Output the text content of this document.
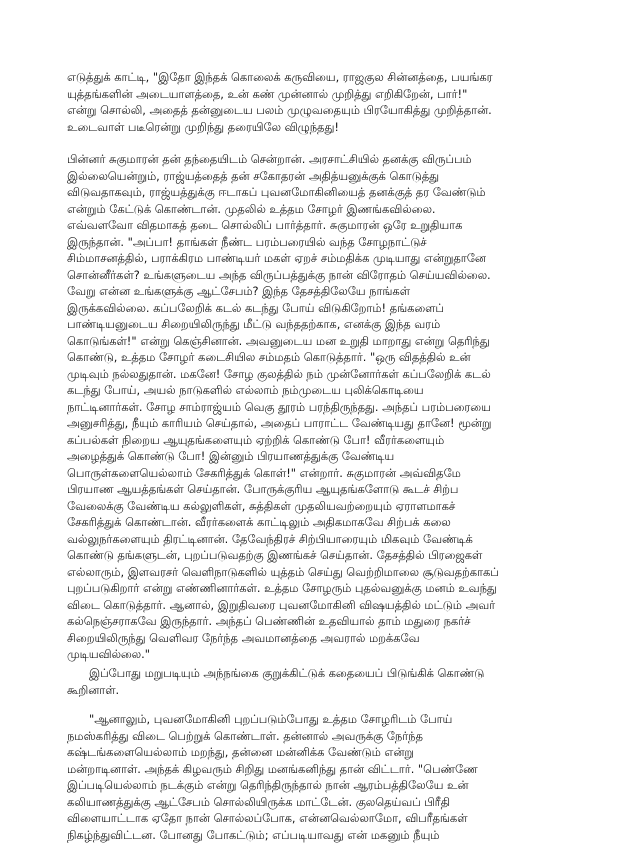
எடுத்துக் காட்டி, "இதோ இந்தக் கொலைக் கருவியை, ராஜகுல சின்னத்தை, பயங்கர
யுத்தங்களின் அடையாளத்தை, உன் கண் முன்னால் முறித்து எறிகிறேன், பார்!"
என்று சொல்லி, அதைத் தன்னுடைய பலம் முழுவதையும் பிரயோகித்து முறித்தான்.
உடைவாள் படீரென்று முறிந்து தரையிலே விழுந்தது!
பின்னர் சுகுமாரன் தன் தந்தையிடம் சென்றான். அரசாட்சியில் தனக்கு விருப்பம்
இல்லையென்றும், ராஜ்யத்தைத் தன் சகோதரன் அதித்யனுக்குக் கொடுத்து
விடுவதாகவும், ராஜ்யத்துக்கு ஈடாகப் புவனமோகினியைத் தனக்குத் தர வேண்டும்
என்றும் கேட்டுக் கொண்டான். முதலில் உத்தம சோழர் இணங்கவில்லை.
எவ்வளவோ விதமாகத் தடை சொல்லிப் பார்த்தார். சுகுமாரன் ஒரே உறுதியாக
இருந்தான். "அப்பா! தாங்கள் நீண்ட பரம்பரையில் வந்த சோழநாட்டுச்
சிம்மாசனத்தில், பராக்கிரம பாண்டியர் மகள் ஏறச் சம்மதிக்க முடியாது என்றுதானே
சொன்னீர்கள்? உங்களுடைய அந்த விருப்பத்துக்கு நான் விரோதம் செய்யவில்லை.
வேறு என்ன உங்களுக்கு ஆட்சேபம்? இந்த தேசத்திலேயே நாங்கள்
இருக்கவில்லை. கப்பலேறிக் கடல் கடந்து போய் விடுகிறோம்! தங்களைப்
பாண்டியனுடைய சிறையிலிருந்து மீட்டு வந்ததற்காக, எனக்கு இந்த வரம்
கொடுங்கள்!" என்று கெஞ்சினான். அவனுடைய மன உறுதி மாறாது என்று தெரிந்து
கொண்டு, உத்தம சோழர் கடைசியில சம்மதம் கொடுத்தார். "ஒரு விதத்தில் உன்
முடிவும் நல்லதுதான். மகனே! சோழ குலத்தில் நம் முன்னோர்கள் கப்பலேறிக் கடல்
கடந்து போய், அயல் நாடுகளில் எல்லாம் நம்முடைய புலிக்கொடியை
நாட்டினார்கள். சோழ சாம்ராஜ்யம் வெகு தூரம் பரந்திருந்தது. அந்தப் பரம்பரையை
அனுசரித்து, நீயும் காரியம் செய்தால், அதைப் பாராட்ட வேண்டியது தானே! மூன்று
கப்பல்கள் நிறைய ஆயுதங்களையும் ஏற்றிக் கொண்டு போ! வீரர்களையும்
அழைத்துக் கொண்டு போ! இன்னும் பிரயாணத்துக்கு வேண்டிய
பொருள்களையெல்லாம் சேகரித்துக் கொள்!" என்றார். சுகுமாரன் அவ்விதமே
பிரயாண ஆயத்தங்கள் செய்தான். போருக்குரிய ஆயுதங்களோடு கூடச் சிற்ப
வேலைக்கு வேண்டிய கல்லுளிகள், சுத்திகள் முதலியவற்றையும் ஏராளமாகச்
சேகரித்துக் கொண்டான். வீரர்களைக் காட்டிலும் அதிகமாகவே சிற்பக் கலை
வல்லுநர்களையும் திரட்டினான். தேவேந்திரச் சிற்பியாரையும் மிகவும் வேண்டிக்
கொண்டு தங்களுடன், புறப்படுவதற்கு இணங்கச் செய்தான். தேசத்தில் பிரஜைகள்
எல்லாரும், இளவரசர் வெளிநாடுகளில் யுத்தம் செய்து வெற்றிமாலை சூடுவதற்காகப்
புறப்படுகிறார் என்று எண்ணினார்கள். உத்தம சோழரும் புதல்வனுக்கு மனம் உவந்து
விடை கொடுத்தார். ஆனால், இறுதிவரை புவனமோகினி விஷயத்தில் மட்டும் அவர்
கல்நெஞ்சராகவே இருந்தார். அந்தப் பெண்ணின் உதவியால் தாம் மதுரை நகர்ச்
சிறையிலிருந்து வெளிவர நேர்ந்த அவமானத்தை அவரால் மறக்கவே
முடியவில்லை."
இப்போது மறுபடியும் அந்நங்கை குறுக்கிட்டுக் கதையைப் பிடுங்கிக் கொண்டு
கூறினாள்.
"ஆனாலும், புவனமோகினி புறப்படும்போது உத்தம சோழரிடம் போய்
நமஸ்கரித்து விடை பெற்றுக் கொண்டாள். தன்னால் அவருக்கு நேர்ந்த
கஷ்டங்களையெல்லாம் மறந்து, தன்னை மன்னிக்க வேண்டும் என்று
மன்றாடினாள். அந்தக் கிழவரும் சிறிது மனங்கனிந்து தான் விட்டார். "பெண்ணே
இப்படியெல்லாம் நடக்கும் என்று தெரிந்திருந்தால் நான் ஆரம்பத்திலேயே உன்
கலியாணத்துக்கு ஆட்சேபம் சொல்லியிருக்க மாட்டேன். குலதெய்வப் பிரீதி
விளையாட்டாக ஏதோ நான் சொல்லப்போக, என்னவெல்லாமோ, விபரீதங்கள்
நிகழ்ந்துவிட்டன. போனது போகட்டும்; எப்படியாவது என் மகனும் நீயும்
